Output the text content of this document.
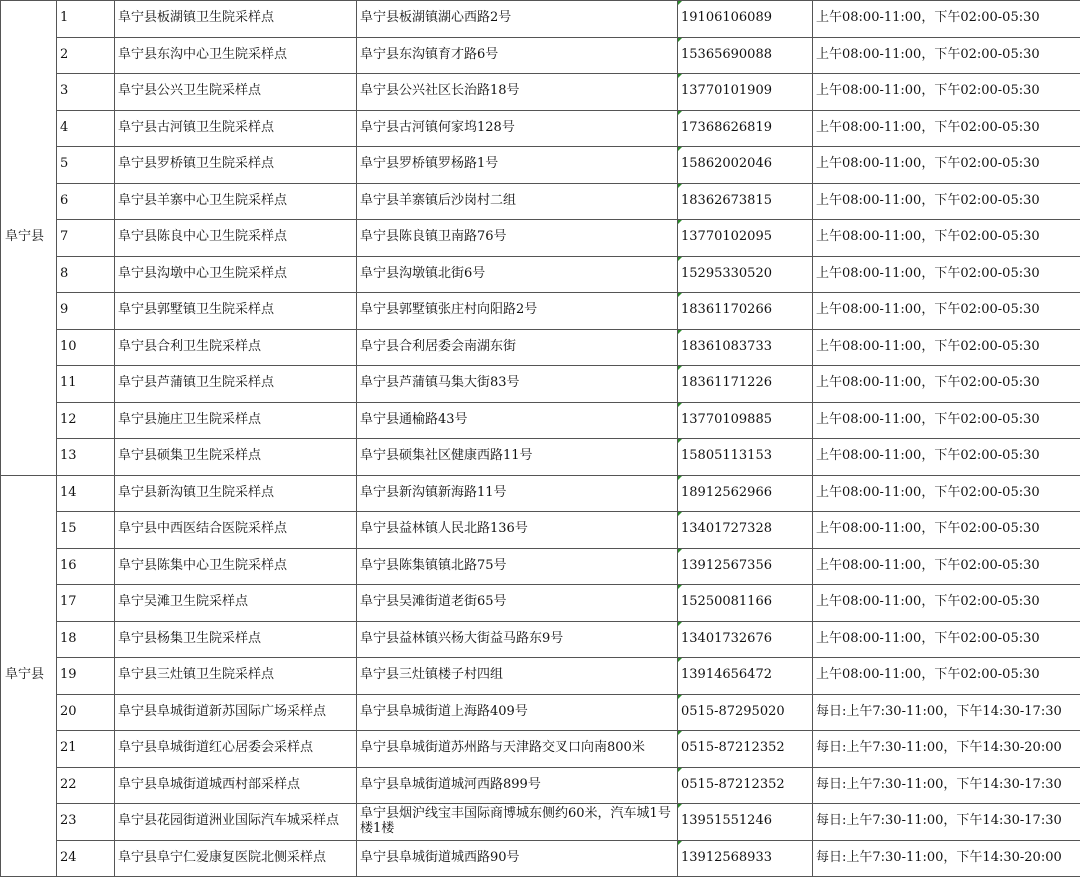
阜宁县	1	阜宁县板湖镇卫生院采样点	阜宁县板湖镇湖心西路2号	19106106089	上午08:00-11:00，下午02:00-05:30
	2	阜宁县东沟中心卫生院采样点	阜宁县东沟镇育才路6号	15365690088	上午08:00-11:00，下午02:00-05:30
	3	阜宁县公兴卫生院采样点	阜宁县公兴社区长治路18号	13770101909	上午08:00-11:00，下午02:00-05:30
	4	阜宁县古河镇卫生院采样点	阜宁县古河镇何家坞128号	17368626819	上午08:00-11:00，下午02:00-05:30
	5	阜宁县罗桥镇卫生院采样点	阜宁县罗桥镇罗杨路1号	15862002046	上午08:00-11:00，下午02:00-05:30
	6	阜宁县羊寨中心卫生院采样点	阜宁县羊寨镇后沙岗村二组	18362673815	上午08:00-11:00，下午02:00-05:30
	7	阜宁县陈良中心卫生院采样点	阜宁县陈良镇卫南路76号	13770102095	上午08:00-11:00，下午02:00-05:30
	8	阜宁县沟墩中心卫生院采样点	阜宁县沟墩镇北街6号	15295330520	上午08:00-11:00，下午02:00-05:30
	9	阜宁县郭墅镇卫生院采样点	阜宁县郭墅镇张庄村向阳路2号	18361170266	上午08:00-11:00，下午02:00-05:30
	10	阜宁县合利卫生院采样点	阜宁县合利居委会南湖东街	18361083733	上午08:00-11:00，下午02:00-05:30
	11	阜宁县芦蒲镇卫生院采样点	阜宁县芦蒲镇马集大街83号	18361171226	上午08:00-11:00，下午02:00-05:30
	12	阜宁县施庄卫生院采样点	阜宁县通榆路43号	13770109885	上午08:00-11:00，下午02:00-05:30
	13	阜宁县硕集卫生院采样点	阜宁县硕集社区健康西路11号	15805113153	上午08:00-11:00，下午02:00-05:30
阜宁县	14	阜宁县新沟镇卫生院采样点	阜宁县新沟镇新海路11号	18912562966	上午08:00-11:00，下午02:00-05:30
	15	阜宁县中西医结合医院采样点	阜宁县益林镇人民北路136号	13401727328	上午08:00-11:00，下午02:00-05:30
	16	阜宁县陈集中心卫生院采样点	阜宁县陈集镇镇北路75号	13912567356	上午08:00-11:00，下午02:00-05:30
	17	阜宁吴滩卫生院采样点	阜宁县吴滩街道老街65号	15250081166	上午08:00-11:00，下午02:00-05:30
	18	阜宁县杨集卫生院采样点	阜宁县益林镇兴杨大街益马路东9号	13401732676	上午08:00-11:00，下午02:00-05:30
	19	阜宁县三灶镇卫生院采样点	阜宁县三灶镇楼子村四组	13914656472	上午08:00-11:00，下午02:00-05:30
	20	阜宁县阜城街道新苏国际广场采样点	阜宁县阜城街道上海路409号	0515-87295020	每日:上午7:30-11:00，下午14:30-17:30
	21	阜宁县阜城街道红心居委会采样点	阜宁县阜城街道苏州路与天津路交叉口向南800米	0515-87212352	每日:上午7:30-11:00，下午14:30-20:00
	22	阜宁县阜城街道城西村部采样点	阜宁县阜城街道城河西路899号	0515-87212352	每日:上午7:30-11:00，下午14:30-17:30
	23	阜宁县花园街道洲业国际汽车城采样点	阜宁县烟沪线宝丰国际商博城东侧约60米，汽车城1号楼1楼	13951551246	每日:上午7:30-11:00，下午14:30-17:30
	24	阜宁县阜宁仁爱康复医院北侧采样点	阜宁县阜城街道城西路90号	13912568933	每日:上午7:30-11:00，下午14:30-20:00
